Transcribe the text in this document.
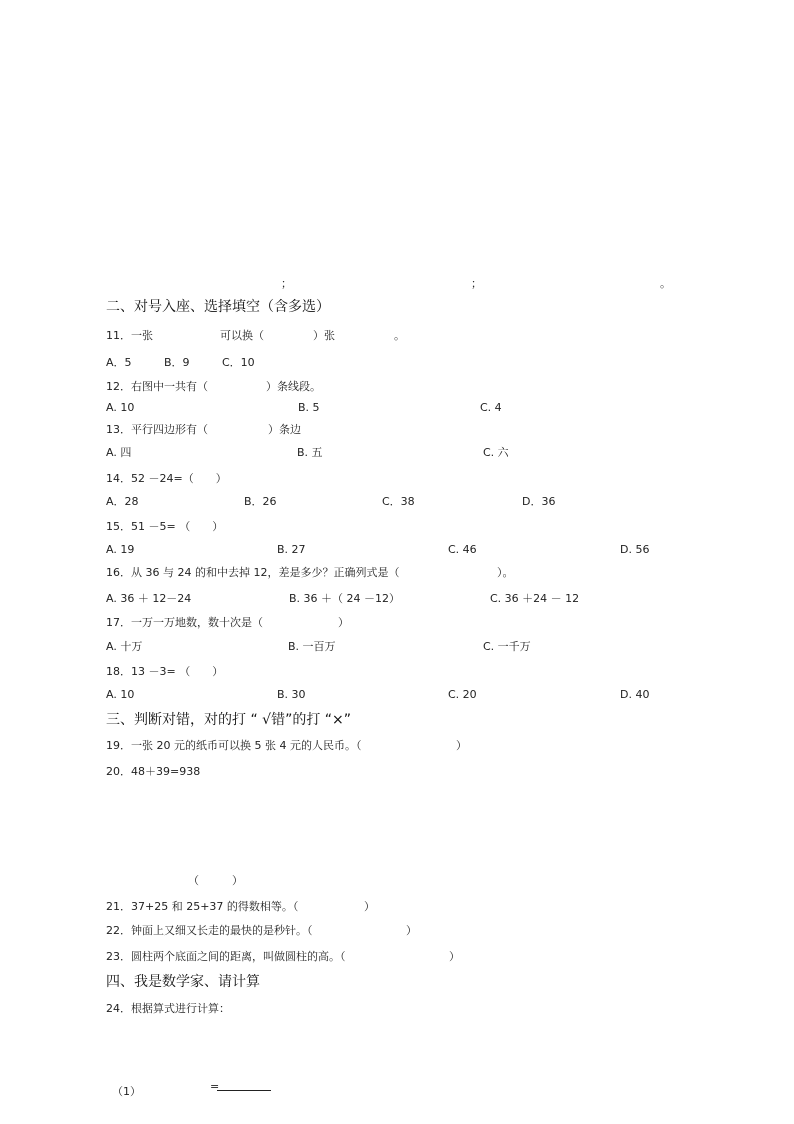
；	；	。
二、对号入座、选择填空（含多选）
11．一张	可以换（	）张	。
A．5	B．9	C．10
12．右图中一共有（	）条线段。
A. 10	B. 5	C. 4
13．平行四边形有（	）条边
A. 四	B. 五	C. 六
14．52 －24=（　　）
A．28	B．26	C．38	D．36
15．51 －5= （　　）
A. 19	B. 27	C. 46	D. 56
16．从 36 与 24 的和中去掉 12，差是多少？正确列式是（	）。
A. 36 ＋ 12－24	B. 36 ＋（ 24 －12）	C. 36 ＋24 － 12
17．一万一万地数，数十次是（	）
A. 十万	B. 一百万	C. 一千万
18．13 －3= （　　）
A. 10	B. 30	C. 20	D. 40
三、判断对错，对的打 “ √错”的打 “×”
19．一张 20 元的纸币可以换 5 张 4 元的人民币。（	）
20．48＋39=938
（　　　）
21．37+25 和 25+37 的得数相等。（	）
22．钟面上又细又长走的最快的是秒针。（	）
23．圆柱两个底面之间的距离，叫做圆柱的高。（	）
四、我是数学家、请计算
24．根据算式进行计算：
（1）	=
